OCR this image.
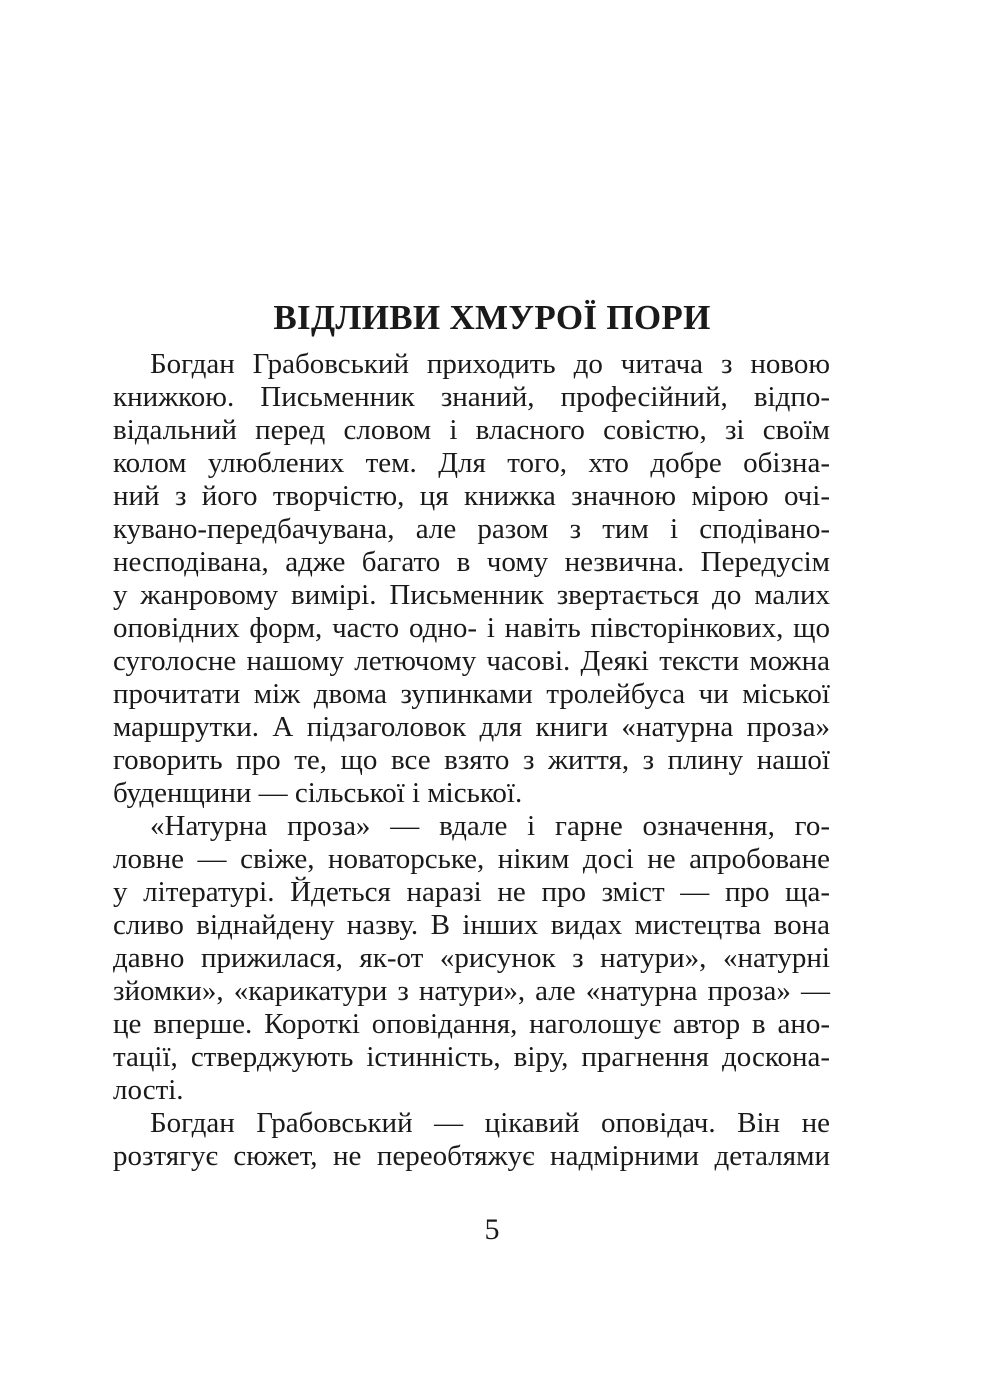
ВІДЛИВИ ХМУРОЇ ПОРИ
Богдан Грабовський приходить до читача з новою
книжкою. Письменник знаний, професійний, відпо-
відальний перед словом і власного совістю, зі своїм
колом улюблених тем. Для того, хто добре обізна-
ний з його творчістю, ця книжка значною мірою очі-
кувано-передбачувана, але разом з тим і сподівано-
несподівана, адже багато в чому незвична. Передусім
у жанровому вимірі. Письменник звертається до малих
оповідних форм, часто одно- і навіть півсторінкових, що
суголосне нашому летючому часові. Деякі тексти можна
прочитати між двома зупинками тролейбуса чи міської
маршрутки. А підзаголовок для книги «натурна проза»
говорить про те, що все взято з життя, з плину нашої
буденщини — сільської і міської.
«Натурна проза» — вдале і гарне означення, го-
ловне — свіже, новаторське, ніким досі не апробоване
у літературі. Йдеться наразі не про зміст — про ща-
сливо віднайдену назву. В інших видах мистецтва вона
давно прижилася, як-от «рисунок з натури», «натурні
зйомки», «карикатури з натури», але «натурна проза» —
це вперше. Короткі оповідання, наголошує автор в ано-
тації, стверджують істинність, віру, прагнення доскона-
лості.
Богдан Грабовський — цікавий оповідач. Він не
розтягує сюжет, не переобтяжує надмірними деталями
5
